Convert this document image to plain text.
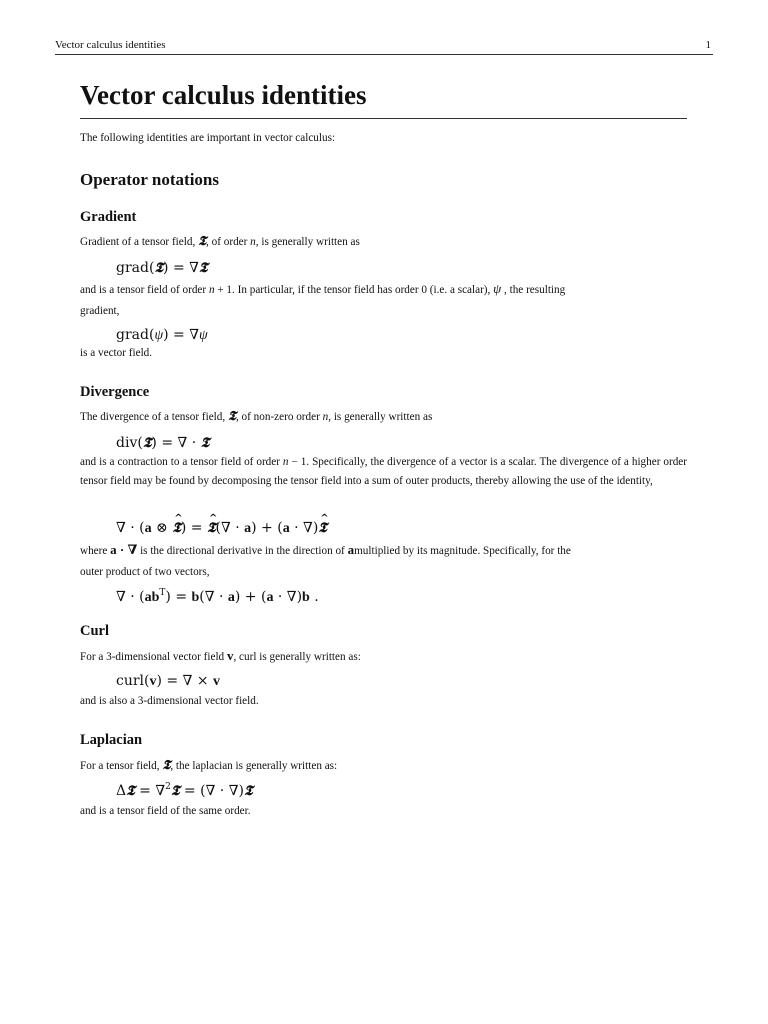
Vector calculus identities	1
Vector calculus identities

The following identities are important in vector calculus:

Operator notations
Gradient

Gradient of a tensor field, 𝕿, of order n, is generally written as

grad(𝕿) = ∇𝕿

and is a tensor field of order n + 1. In particular, if the tensor field has order 0 (i.e. a scalar), ψ , the resulting
gradient,

grad(ψ) = ∇ψ

is a vector field.

Divergence

The divergence of a tensor field, 𝕿, of non-zero order n, is generally written as

div(𝕿) = ∇ · 𝕿

and is a contraction to a tensor field of order n − 1. Specifically, the divergence of a vector is a scalar. The divergence of a higher order tensor field may be found by decomposing the tensor field into a sum of outer products, thereby allowing the use of the identity,

∇ · (a ⊗ ^ 𝕿) = ^ 𝕿(∇ · a) + (a · ∇)^ 𝕿

where a · ∇ is the directional derivative in the direction of amultiplied by its magnitude. Specifically, for the
outer product of two vectors,

∇ · $(ab^T) = b(\nabla \cdot a) + (a \cdot \nabla)b$ .
Curl

For a 3-dimensional vector field v, curl is generally written as:

curl(v) = ∇ × v

and is also a 3-dimensional vector field.

Laplacian

For a tensor field, 𝕿, the laplacian is generally written as:

Δ𝕿 = ∇$^2$𝕿 = (∇ · ∇)𝕿

and is a tensor field of the same order.
